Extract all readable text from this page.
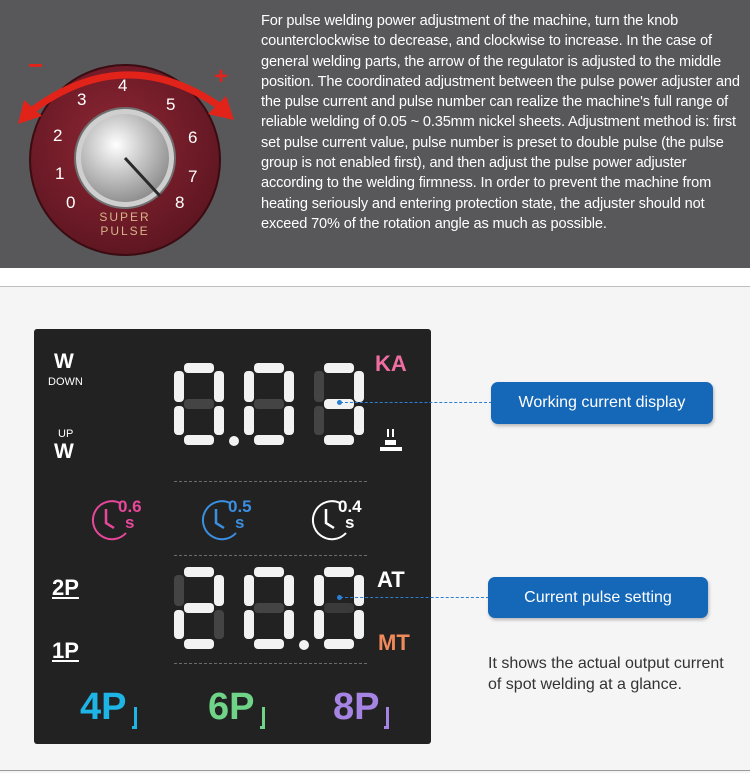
−	+
1
2
3
4
5
6
7
8
0
SUPER
PULSE
For pulse welding power adjustment of the machine, turn the knob counterclockwise to decrease, and clockwise to increase. In the case of general welding parts, the arrow of the regulator is adjusted to the middle position. The coordinated adjustment between the pulse power adjuster and the pulse current and pulse number can realize the machine's full range of reliable welding of 0.05 ~ 0.35mm nickel sheets. Adjustment method is: first set pulse current value, pulse number is preset to double pulse (the pulse group is not enabled first), and then adjust the pulse power adjuster according to the welding firmness. In order to prevent the machine from heating seriously and entering protection state, the adjuster should not exceed 70% of the rotation angle as much as possible.
W
DOWN
UP
W
KA
0.6
s
0.5
s
0.4
s
AT
MT
2P
1P
4P 6P 8P
Working current display
Current pulse setting
It shows the actual output current of spot welding at a glance.
